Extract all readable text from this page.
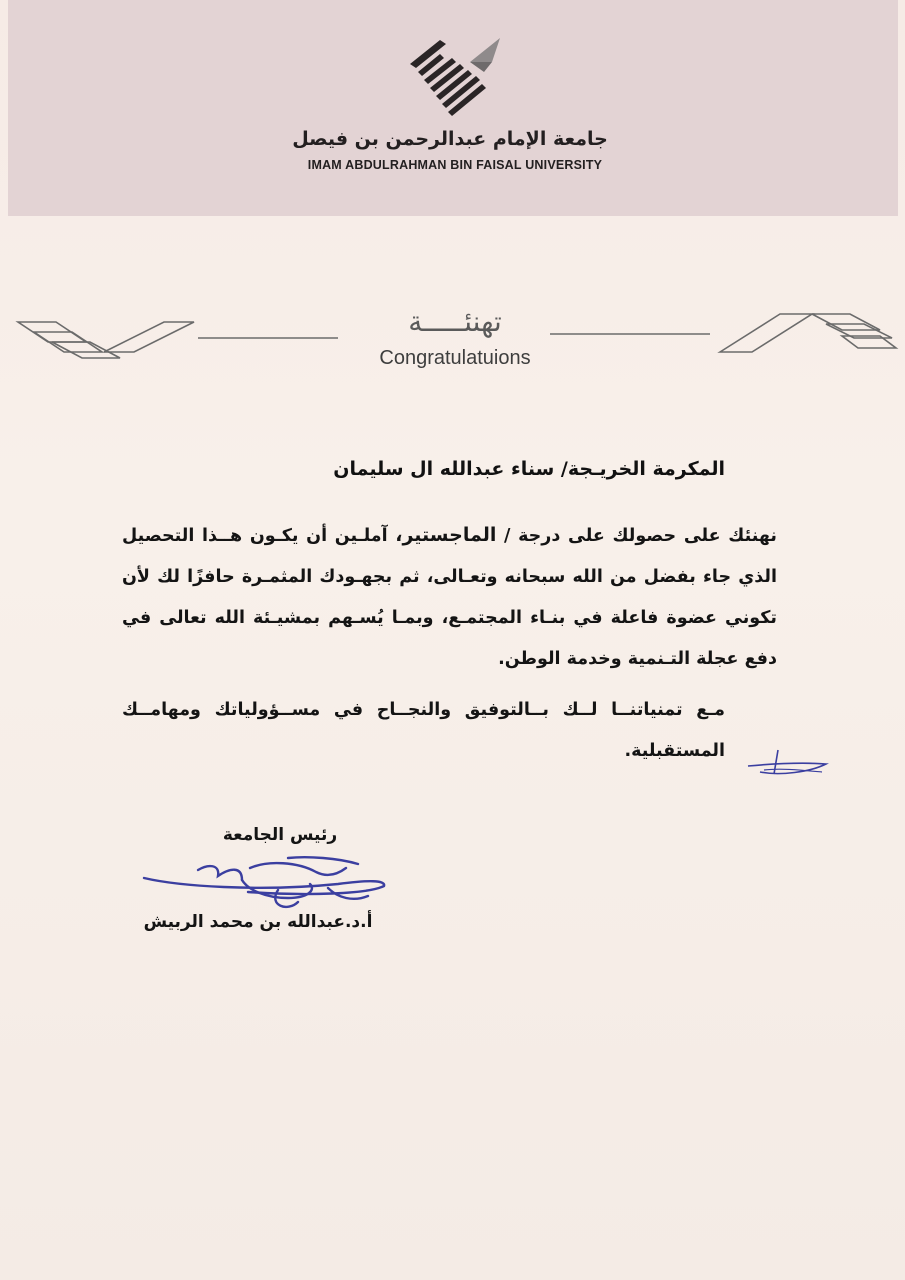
جامعة الإمام عبدالرحمن بن فيصل
IMAM ABDULRAHMAN BIN FAISAL UNIVERSITY
تهنئـــــة
Congratulatuions
المكرمة الخريـجة/ سناء عبدالله ال سليمان
نهنئك على حصولك على درجة / الماجستير، آملـين أن يكـون هــذا التحصيل الذي جاء بفضل من الله سبحانه وتعـالى، ثم بجهـودك المثمـرة حافزًا لك لأن تكوني عضوة فاعلة في بنـاء المجتمـع، وبمـا يُسـهم بمشيـئة الله تعالى في دفع عجلة التـنمية وخدمة الوطن.
مـع تمنياتنــا لــك بــالتوفيق والنجــاح في مســؤولياتك ومهامــك المستقبلية.
رئيس الجامعة
أ.د.عبدالله بن محمد الربيش
